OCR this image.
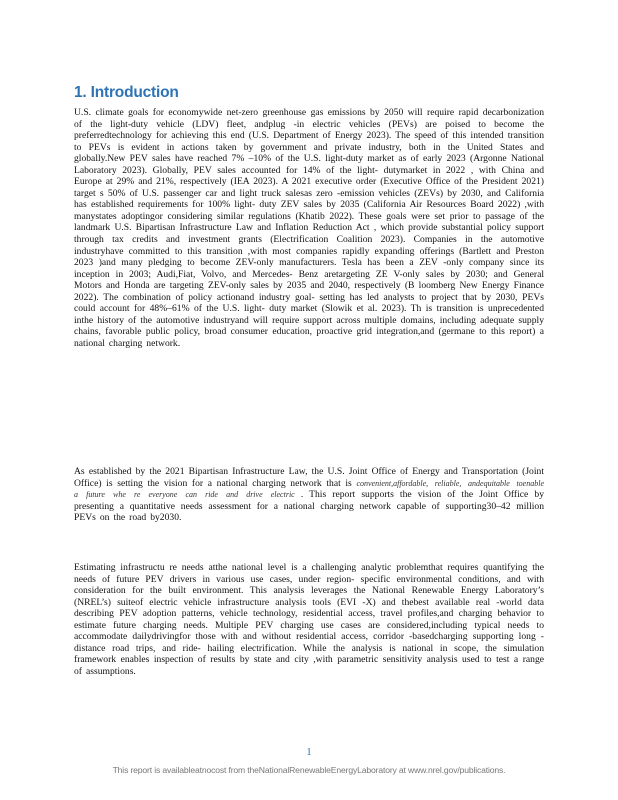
1. Introduction

U.S. climate goals for economywide net-zero greenhouse gas emissions by 2050 will require rapid decarbonization of the light-duty vehicle (LDV) fleet, andplug -in electric vehicles (PEVs) are poised to become the preferredtechnology for achieving this end (U.S. Department of Energy 2023). The speed of this intended transition to PEVs is evident in actions taken by government and private industry, both in the United States and globally.New PEV sales have reached 7% –10% of the U.S. light-duty market as of early 2023 (Argonne National Laboratory 2023). Globally, PEV sales accounted for 14% of the light- dutymarket in 2022 , with China and Europe at 29% and 21%, respectively (IEA 2023). A 2021 executive order (Executive Office of the President 2021) target s 50% of U.S. passenger car and light truck salesas zero -emission vehicles (ZEVs) by 2030, and California has established requirements for 100% light- duty ZEV sales by 2035 (California Air Resources Board 2022) ,with manystates adoptingor considering similar regulations (Khatib 2022). These goals were set prior to passage of the landmark U.S. Bipartisan Infrastructure Law and Inflation Reduction Act , which provide substantial policy support through tax credits and investment grants (Electrification Coalition 2023). Companies in the automotive industryhave committed to this transition ,with most companies rapidly expanding offerings (Bartlett and Preston 2023 )and many pledging to become ZEV-only manufacturers. Tesla has been a ZEV -only company since its inception in 2003; Audi,Fiat, Volvo, and Mercedes- Benz aretargeting ZE V-only sales by 2030; and General Motors and Honda are targeting ZEV-only sales by 2035 and 2040, respectively (B loomberg New Energy Finance 2022). The combination of policy actionand industry goal- setting has led analysts to project that by 2030, PEVs could account for 48%–61% of the U.S. light- duty market (Slowik et al. 2023). Th is transition is unprecedented inthe history of the automotive industryand will require support across multiple domains, including adequate supply chains, favorable public policy, broad consumer education, proactive grid integration,and (germane to this report) a national charging network.

As established by the 2021 Bipartisan Infrastructure Law, the U.S. Joint Office of Energy and Transportation (Joint Office) is setting the vision for a national charging network that is convenient,affordable, reliable, andequitable toenable a future whe re everyone can ride and drive electric . This report supports the vision of the Joint Office by presenting a quantitative needs assessment for a national charging network capable of supporting30–42 million PEVs on the road by2030.

Estimating infrastructu re needs atthe national level is a challenging analytic problemthat requires quantifying the needs of future PEV drivers in various use cases, under region- specific environmental conditions, and with consideration for the built environment. This analysis leverages the National Renewable Energy Laboratory’s (NREL’s) suiteof electric vehicle infrastructure analysis tools (EVI -X) and thebest available real -world data describing PEV adoption patterns, vehicle technology, residential access, travel profiles,and charging behavior to estimate future charging needs. Multiple PEV charging use cases are considered,including typical needs to accommodate dailydrivingfor those with and without residential access, corridor -basedcharging supporting long -distance road trips, and ride- hailing electrification. While the analysis is national in scope, the simulation framework enables inspection of results by state and city ,with parametric sensitivity analysis used to test a range of assumptions.

1
This report is availableatnocost from theNationalRenewableEnergyLaboratory at www.nrel.gov/publications.
